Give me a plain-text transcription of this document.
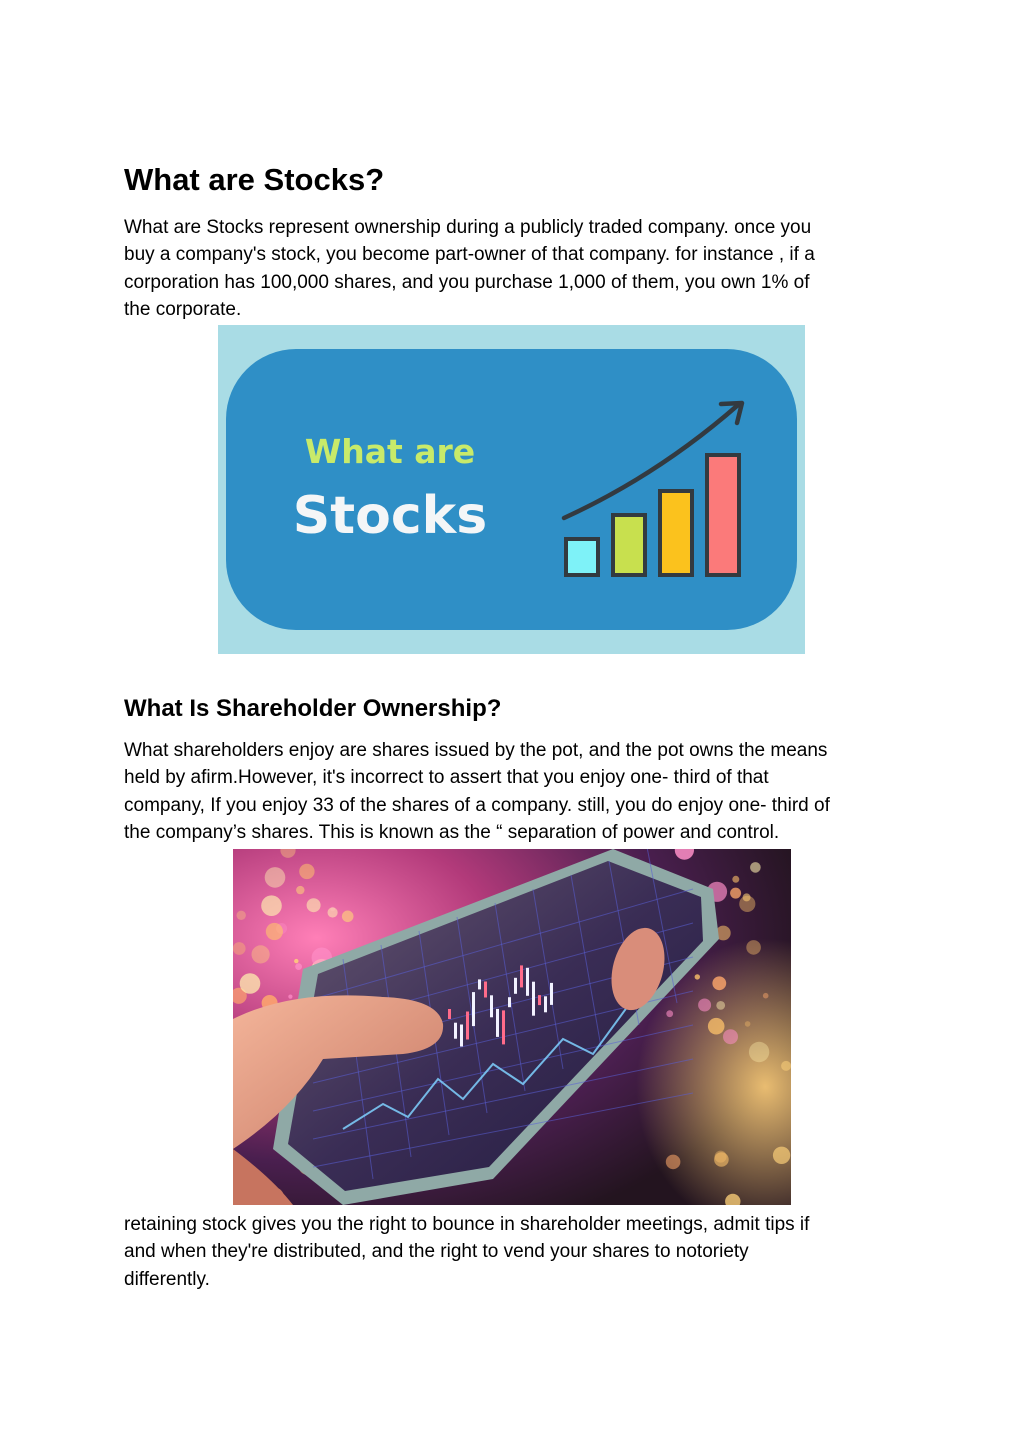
What are Stocks?

What are Stocks represent ownership during a publicly traded company. once you
buy a company's stock, you become part-owner of that company. for instance , if a
corporation has 100,000 shares, and you purchase 1,000 of them, you own 1% of
the corporate.

What are
Stocks
What Is Shareholder Ownership?

What shareholders enjoy are shares issued by the pot, and the pot owns the means
held by afirm.However, it's incorrect to assert that you enjoy one- third of that
company, If you enjoy 33 of the shares of a company. still, you do enjoy one- third of
the company’s shares. This is known as the “ separation of power and control.

retaining stock gives you the right to bounce in shareholder meetings, admit tips if
and when they're distributed, and the right to vend your shares to notoriety
differently.
